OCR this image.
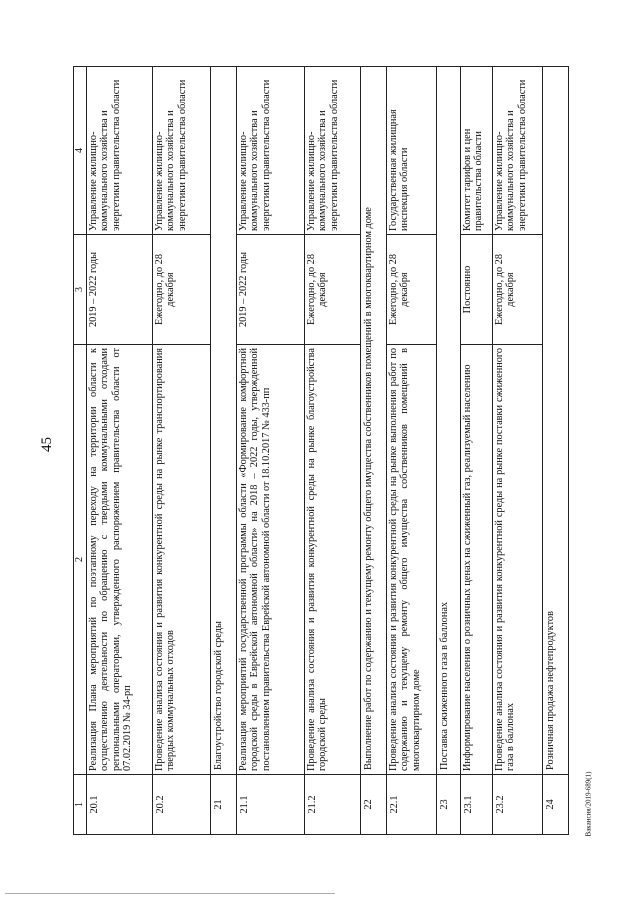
45
1	2	3	4
20.1	Реализация Плана мероприятий по поэтапному переходу на территории области к осуществлению деятельности по обращению с твердыми коммунальными отходами региональными операторами, утвержденного распоряжением правительства области от 07.02.2019 № 34-рп	2019 – 2022 годы	Управление жилищно-коммунального хозяйства и энергетики правительства области
20.2	Проведение анализа состояния и развития конкурентной среды на рынке транспортирования твердых коммунальных отходов	Ежегодно, до 28 декабря	Управление жилищно-коммунального хозяйства и энергетики правительства области
21	Благоустройство городской среды		
21.1	Реализация мероприятий государственной программы области «Формирование комфортной городской среды в Еврейской автономной области» на 2018 – 2022 годы, утвержденной постановлением правительства Еврейской автономной области от 18.10.2017 № 433-пп	2019 – 2022 годы	Управление жилищно-коммунального хозяйства и энергетики правительства области
21.2	Проведение анализа состояния и развития конкурентной среды на рынке благоустройства городской среды	Ежегодно, до 28 декабря	Управление жилищно-коммунального хозяйства и энергетики правительства области
22	Выполнение работ по содержанию и текущему ремонту общего имущества собственников помещений в многоквартирном доме		
22.1	Проведение анализа состояния и развития конкурентной среды на рынке выполнения работ по содержанию и текущему ремонту общего имущества собственников помещений в многоквартирном доме	Ежегодно, до 28 декабря	Государственная жилищная инспекция области
23	Поставка сжиженного газа в баллонах		
23.1	Информирование населения о розничных ценах на сжиженный газ, реализуемый населению	Постоянно	Комитет тарифов и цен правительства области
23.2	Проведение анализа состояния и развития конкурентной среды на рынке поставки сжиженного газа в баллонах	Ежегодно, до 28 декабря	Управление жилищно-коммунального хозяйства и энергетики правительства области
24	Розничная продажа нефтепродуктов		
Вакансия/2019-689(1)
